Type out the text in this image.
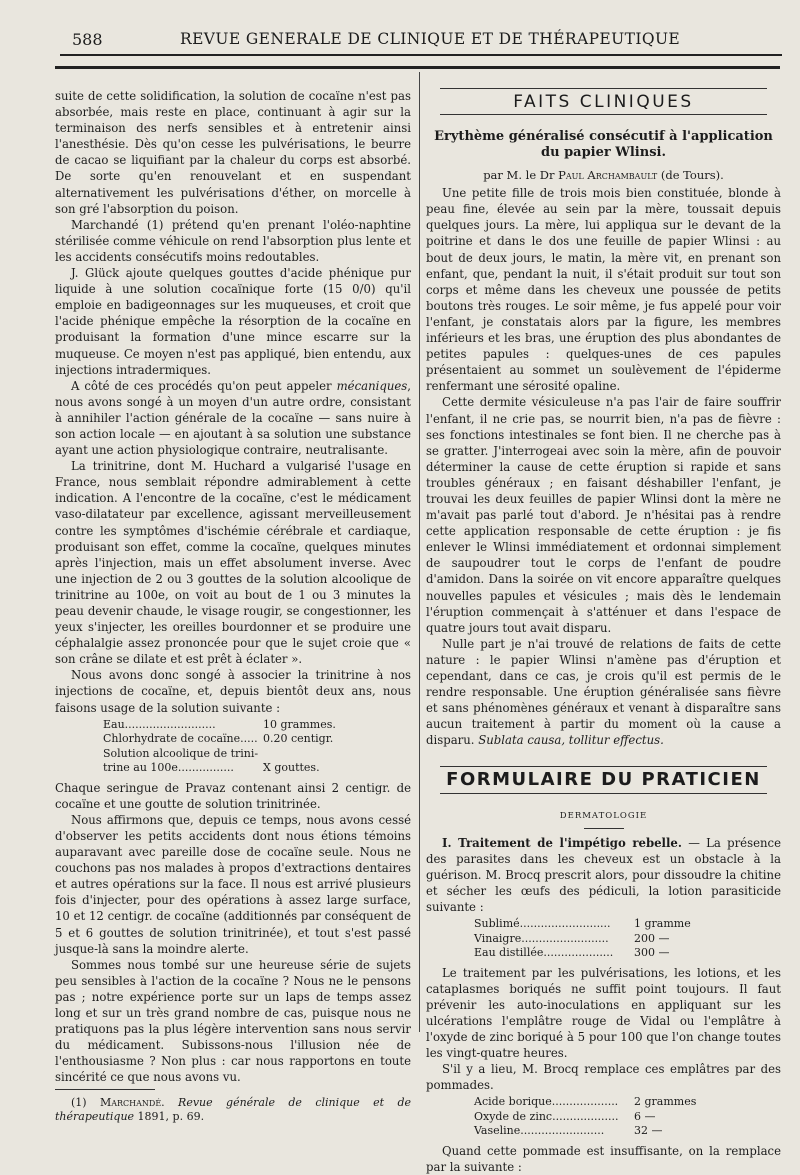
588	REVUE GENERALE DE CLINIQUE ET DE THÉRAPEUTIQUE

suite de cette solidification, la solution de cocaïne n'est pas absorbée, mais reste en place, continuant à agir sur la terminaison des nerfs sensibles et à entretenir ainsi l'anesthésie. Dès qu'on cesse les pulvérisations, le beurre de cacao se liquifiant par la chaleur du corps est absorbé. De sorte qu'en renouvelant et en suspendant alternativement les pulvérisations d'éther, on morcelle à son gré l'absorption du poison.

Marchandé (1) prétend qu'en prenant l'oléo-naphtine stérilisée comme véhicule on rend l'absorption plus lente et les accidents consécutifs moins redoutables.

J. Glück ajoute quelques gouttes d'acide phénique pur liquide à une solution cocaïnique forte (15 0/0) qu'il emploie en badigeonnages sur les muqueuses, et croit que l'acide phénique empêche la résorption de la cocaïne en produisant la formation d'une mince escarre sur la muqueuse. Ce moyen n'est pas appliqué, bien entendu, aux injections intradermiques.

A côté de ces procédés qu'on peut appeler mécaniques, nous avons songé à un moyen d'un autre ordre, consistant à annihiler l'action générale de la cocaïne — sans nuire à son action locale — en ajoutant à sa solution une substance ayant une action physiologique contraire, neutralisante.

La trinitrine, dont M. Huchard a vulgarisé l'usage en France, nous semblait répondre admirablement à cette indication. A l'encontre de la cocaïne, c'est le médicament vaso-dilatateur par excellence, agissant merveilleusement contre les symptômes d'ischémie cérébrale et cardiaque, produisant son effet, comme la cocaïne, quelques minutes après l'injection, mais un effet absolument inverse. Avec une injection de 2 ou 3 gouttes de la solution alcoolique de trinitrine au 100e, on voit au bout de 1 ou 3 minutes la peau devenir chaude, le visage rougir, se congestionner, les yeux s'injecter, les oreilles bourdonner et se produire une céphalalgie assez prononcée pour que le sujet croie que « son crâne se dilate et est prêt à éclater ».

Nous avons donc songé à associer la trinitrine à nos injections de cocaïne, et, depuis bientôt deux ans, nous faisons usage de la solution suivante :

Eau..........................	10 grammes.
Chlorhydrate de cocaïne..... 0.20 centigr.
Solution alcoolique de trini-
trine au 100e................	X gouttes.

Chaque seringue de Pravaz contenant ainsi 2 centigr. de cocaïne et une goutte de solution trinitrinée.

Nous affirmons que, depuis ce temps, nous avons cessé d'observer les petits accidents dont nous étions témoins auparavant avec pareille dose de cocaïne seule. Nous ne couchons pas nos malades à propos d'extractions dentaires et autres opérations sur la face. Il nous est arrivé plusieurs fois d'injecter, pour des opérations à assez large surface, 10 et 12 centigr. de cocaïne (additionnés par conséquent de 5 et 6 gouttes de solution trinitrinée), et tout s'est passé jusque-là sans la moindre alerte.

Sommes nous tombé sur une heureuse série de sujets peu sensibles à l'action de la cocaïne ? Nous ne le pensons pas ; notre expérience porte sur un laps de temps assez long et sur un très grand nombre de cas, puisque nous ne pratiquons pas la plus légère intervention sans nous servir du médicament. Subissons-nous l'illusion née de l'enthousiasme ? Non plus : car nous rapportons en toute sincérité ce que nous avons vu.

(1) Marchandé. Revue générale de clinique et de thérapeutique 1891, p. 69.

FAITS CLINIQUES
Erythème généralisé consécutif à l'application du papier Wlinsi.
par M. le Dr Paul Archambault (de Tours).

Une petite fille de trois mois bien constituée, blonde à peau fine, élevée au sein par la mère, toussait depuis quelques jours. La mère, lui appliqua sur le devant de la poitrine et dans le dos une feuille de papier Wlinsi : au bout de deux jours, le matin, la mère vit, en prenant son enfant, que, pendant la nuit, il s'était produit sur tout son corps et même dans les cheveux une poussée de petits boutons très rouges. Le soir même, je fus appelé pour voir l'enfant, je constatais alors par la figure, les membres inférieurs et les bras, une éruption des plus abondantes de petites papules : quelques-unes de ces papules présentaient au sommet un soulèvement de l'épiderme renfermant une sérosité opaline.

Cette dermite vésiculeuse n'a pas l'air de faire souffrir l'enfant, il ne crie pas, se nourrit bien, n'a pas de fièvre : ses fonctions intestinales se font bien. Il ne cherche pas à se gratter. J'interrogeai avec soin la mère, afin de pouvoir déterminer la cause de cette éruption si rapide et sans troubles généraux ; en faisant déshabiller l'enfant, je trouvai les deux feuilles de papier Wlinsi dont la mère ne m'avait pas parlé tout d'abord. Je n'hésitai pas à rendre cette application responsable de cette éruption : je fis enlever le Wlinsi immédiatement et ordonnai simplement de saupoudrer tout le corps de l'enfant de poudre d'amidon. Dans la soirée on vit encore apparaître quelques nouvelles papules et vésicules ; mais dès le lendemain l'éruption commençait à s'atténuer et dans l'espace de quatre jours tout avait disparu.

Nulle part je n'ai trouvé de relations de faits de cette nature : le papier Wlinsi n'amène pas d'éruption et cependant, dans ce cas, je crois qu'il est permis de le rendre responsable. Une éruption généralisée sans fièvre et sans phénomènes généraux et venant à disparaître sans aucun traitement à partir du moment où la cause a disparu. Sublata causa, tollitur effectus.

FORMULAIRE DU PRATICIEN
DERMATOLOGIE

I. Traitement de l'impétigo rebelle. — La présence des parasites dans les cheveux est un obstacle à la guérison. M. Brocq prescrit alors, pour dissoudre la chitine et sécher les œufs des pédiculi, la lotion parasiticide suivante :

Sublimé..........................	1 gramme
Vinaigre.........................	200 —
Eau distillée....................	300 —

Le traitement par les pulvérisations, les lotions, et les cataplasmes boriqués ne suffit point toujours. Il faut prévenir les auto-inoculations en appliquant sur les ulcérations l'emplâtre rouge de Vidal ou l'emplâtre à l'oxyde de zinc boriqué à 5 pour 100 que l'on change toutes les vingt-quatre heures.

S'il y a lieu, M. Brocq remplace ces emplâtres par des pommades.

Acide borique...................	2 grammes
Oxyde de zinc...................	6 —
Vaseline........................	32 —

Quand cette pommade est insuffisante, on la remplace par la suivante :
